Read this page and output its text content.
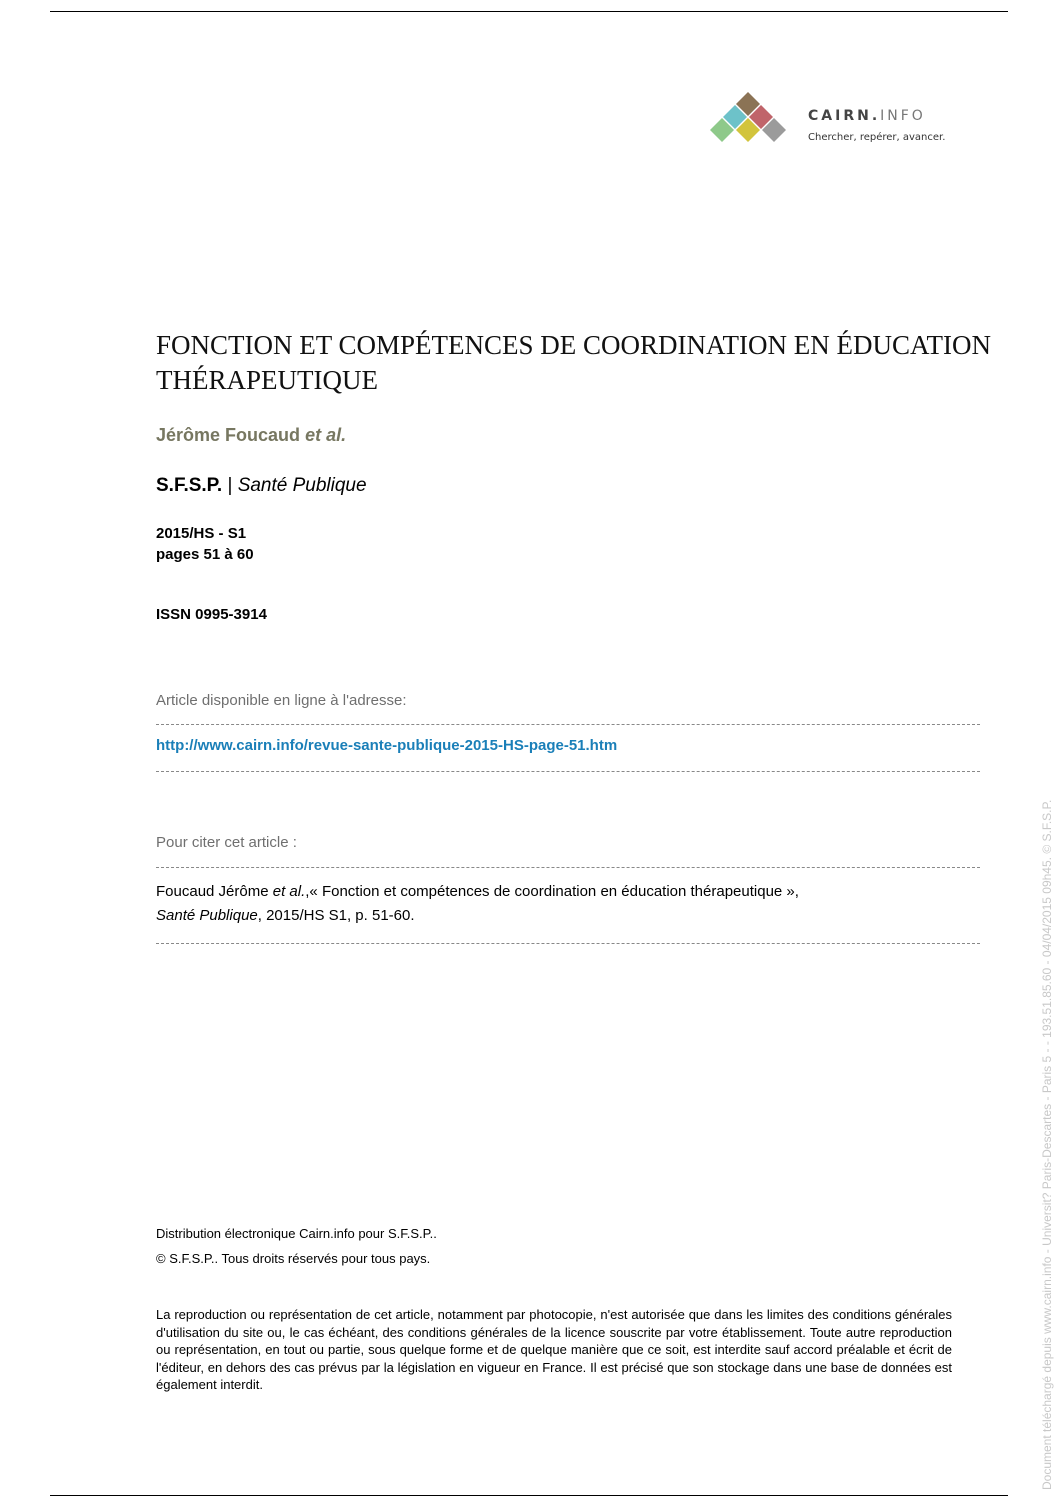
CAIRN.INFO
Chercher, repérer, avancer.
FONCTION ET COMPÉTENCES DE COORDINATION EN ÉDUCATION THÉRAPEUTIQUE
Jérôme Foucaud et al.
S.F.S.P. | Santé Publique
2015/HS - S1
pages 51 à 60
ISSN 0995-3914
Article disponible en ligne à l'adresse:
http://www.cairn.info/revue-sante-publique-2015-HS-page-51.htm
Pour citer cet article :
Foucaud Jérôme et al.,« Fonction et compétences de coordination en éducation thérapeutique »,
Santé Publique, 2015/HS S1, p. 51-60.
Distribution électronique Cairn.info pour S.F.S.P..
© S.F.S.P.. Tous droits réservés pour tous pays.
La reproduction ou représentation de cet article, notamment par photocopie, n'est autorisée que dans les limites des conditions générales d'utilisation du site ou, le cas échéant, des conditions générales de la licence souscrite par votre établissement. Toute autre reproduction ou représentation, en tout ou partie, sous quelque forme et de quelque manière que ce soit, est interdite sauf accord préalable et écrit de l'éditeur, en dehors des cas prévus par la législation en vigueur en France. Il est précisé que son stockage dans une base de données est également interdit.	Document téléchargé depuis www.cairn.info - Universit? Paris-Descartes - Paris 5 - - 193.51.85.60 - 04/04/2015 09h45. © S.F.S.P.
